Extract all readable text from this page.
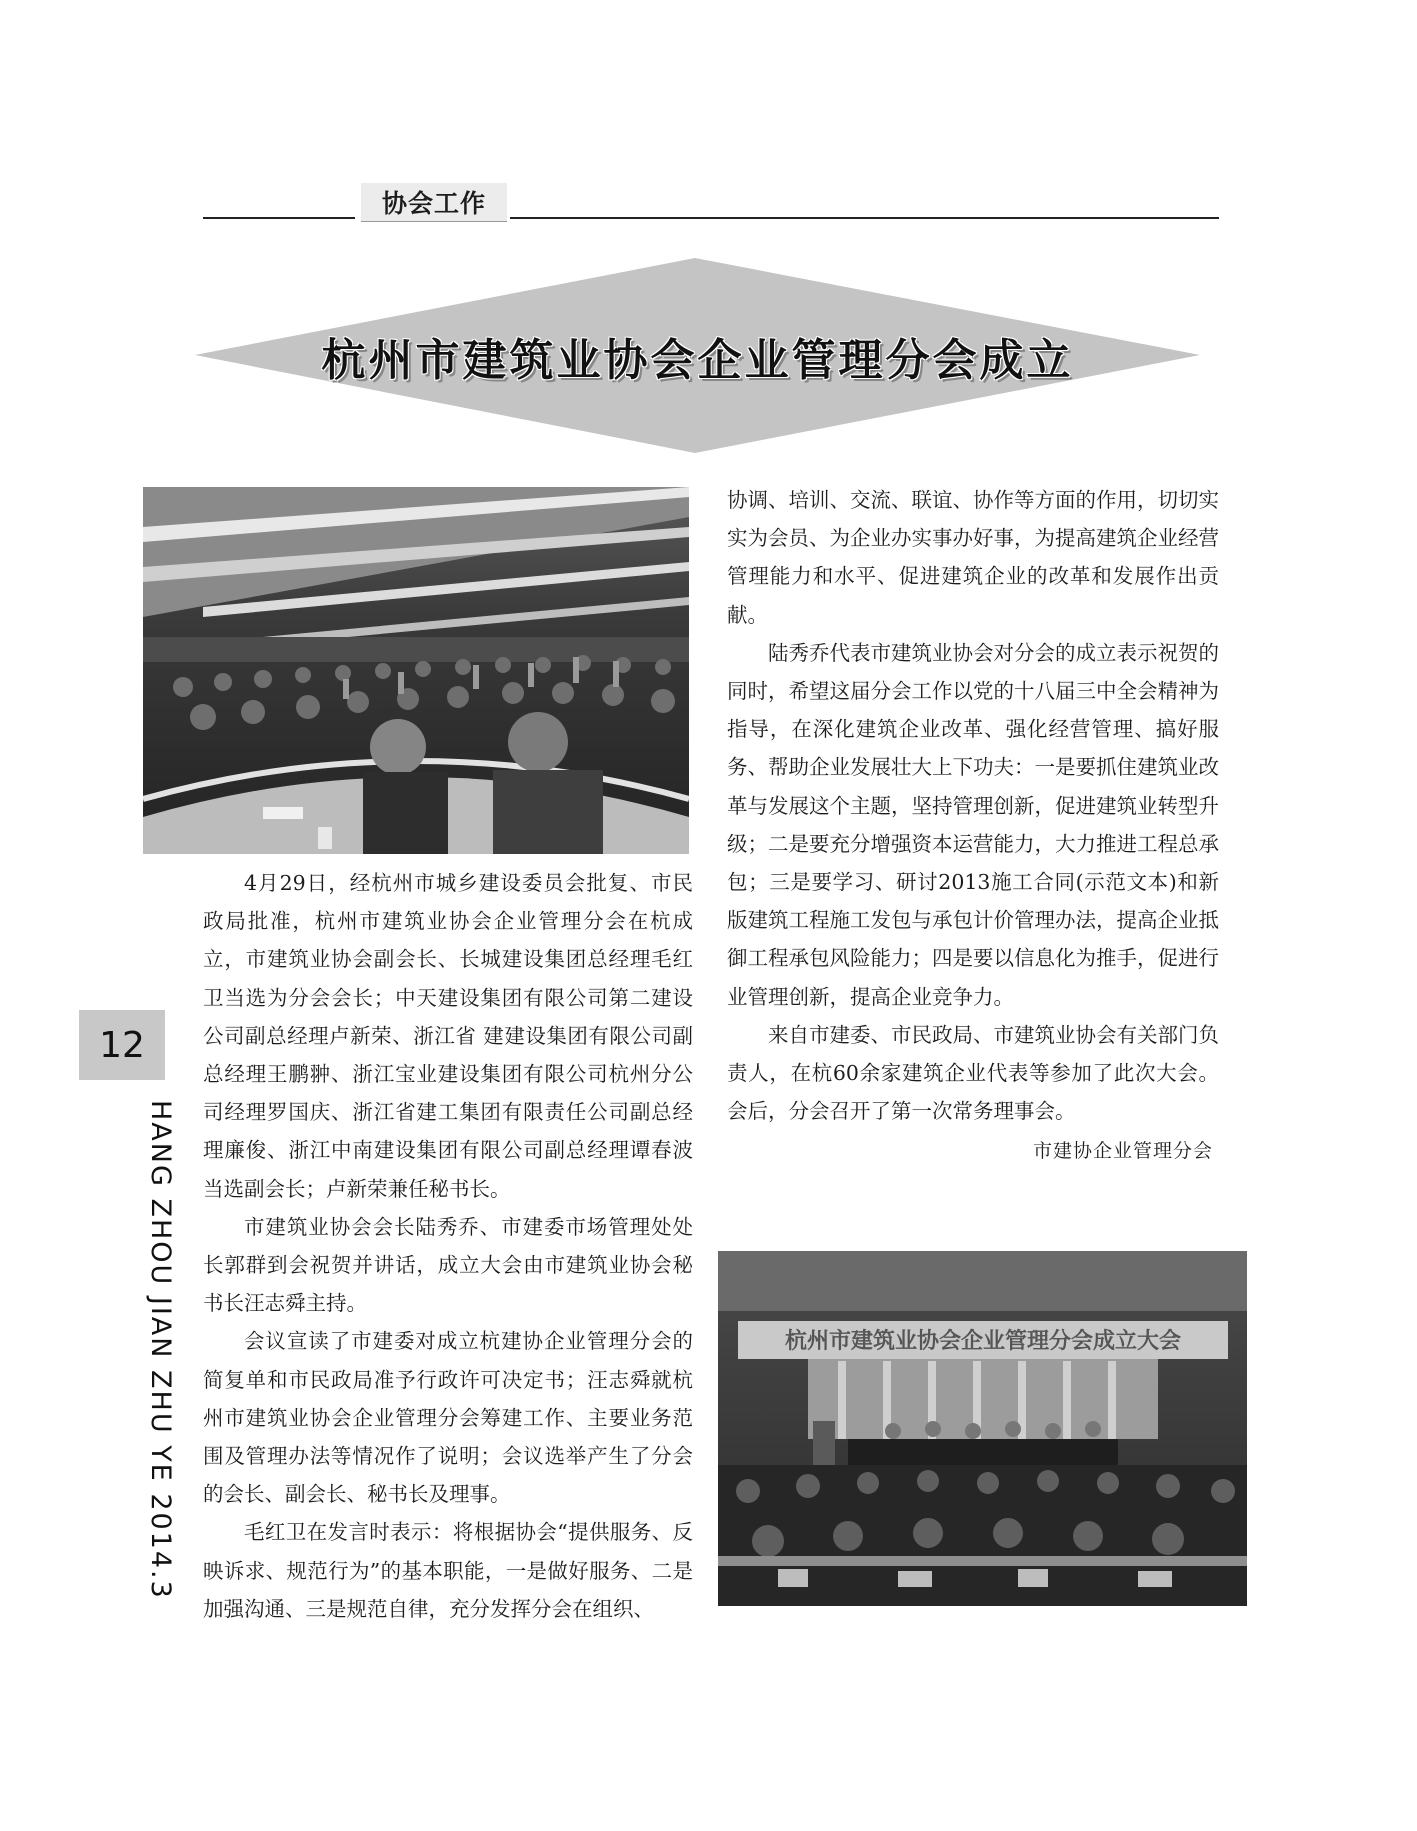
协会工作
杭州市建筑业协会企业管理分会成立

4月29日，经杭州市城乡建设委员会批复、市民政局批准，杭州市建筑业协会企业管理分会在杭成立，市建筑业协会副会长、长城建设集团总经理毛红卫当选为分会会长；中天建设集团有限公司第二建设公司副总经理卢新荣、浙江省 建建设集团有限公司副总经理王鹏翀、浙江宝业建设集团有限公司杭州分公司经理罗国庆、浙江省建工集团有限责任公司副总经理廉俊、浙江中南建设集团有限公司副总经理谭春波当选副会长；卢新荣兼任秘书长。

市建筑业协会会长陆秀乔、市建委市场管理处处长郭群到会祝贺并讲话，成立大会由市建筑业协会秘书长汪志舜主持。

会议宣读了市建委对成立杭建协企业管理分会的简复单和市民政局准予行政许可决定书；汪志舜就杭州市建筑业协会企业管理分会筹建工作、主要业务范围及管理办法等情况作了说明；会议选举产生了分会的会长、副会长、秘书长及理事。

毛红卫在发言时表示：将根据协会“提供服务、反映诉求、规范行为”的基本职能，一是做好服务、二是加强沟通、三是规范自律，充分发挥分会在组织、

协调、培训、交流、联谊、协作等方面的作用，切切实实为会员、为企业办实事办好事，为提高建筑企业经营管理能力和水平、促进建筑企业的改革和发展作出贡献。

陆秀乔代表市建筑业协会对分会的成立表示祝贺的同时，希望这届分会工作以党的十八届三中全会精神为指导，在深化建筑企业改革、强化经营管理、搞好服务、帮助企业发展壮大上下功夫：一是要抓住建筑业改革与发展这个主题，坚持管理创新，促进建筑业转型升级；二是要充分增强资本运营能力，大力推进工程总承包；三是要学习、研讨2013施工合同(示范文本)和新版建筑工程施工发包与承包计价管理办法，提高企业抵御工程承包风险能力；四是要以信息化为推手，促进行业管理创新，提高企业竞争力。

来自市建委、市民政局、市建筑业协会有关部门负责人，在杭60余家建筑企业代表等参加了此次大会。会后，分会召开了第一次常务理事会。

市建协企业管理分会
杭州市建筑业协会企业管理分会成立大会
12
HANG ZHOU JIAN ZHU YE 2014.3
